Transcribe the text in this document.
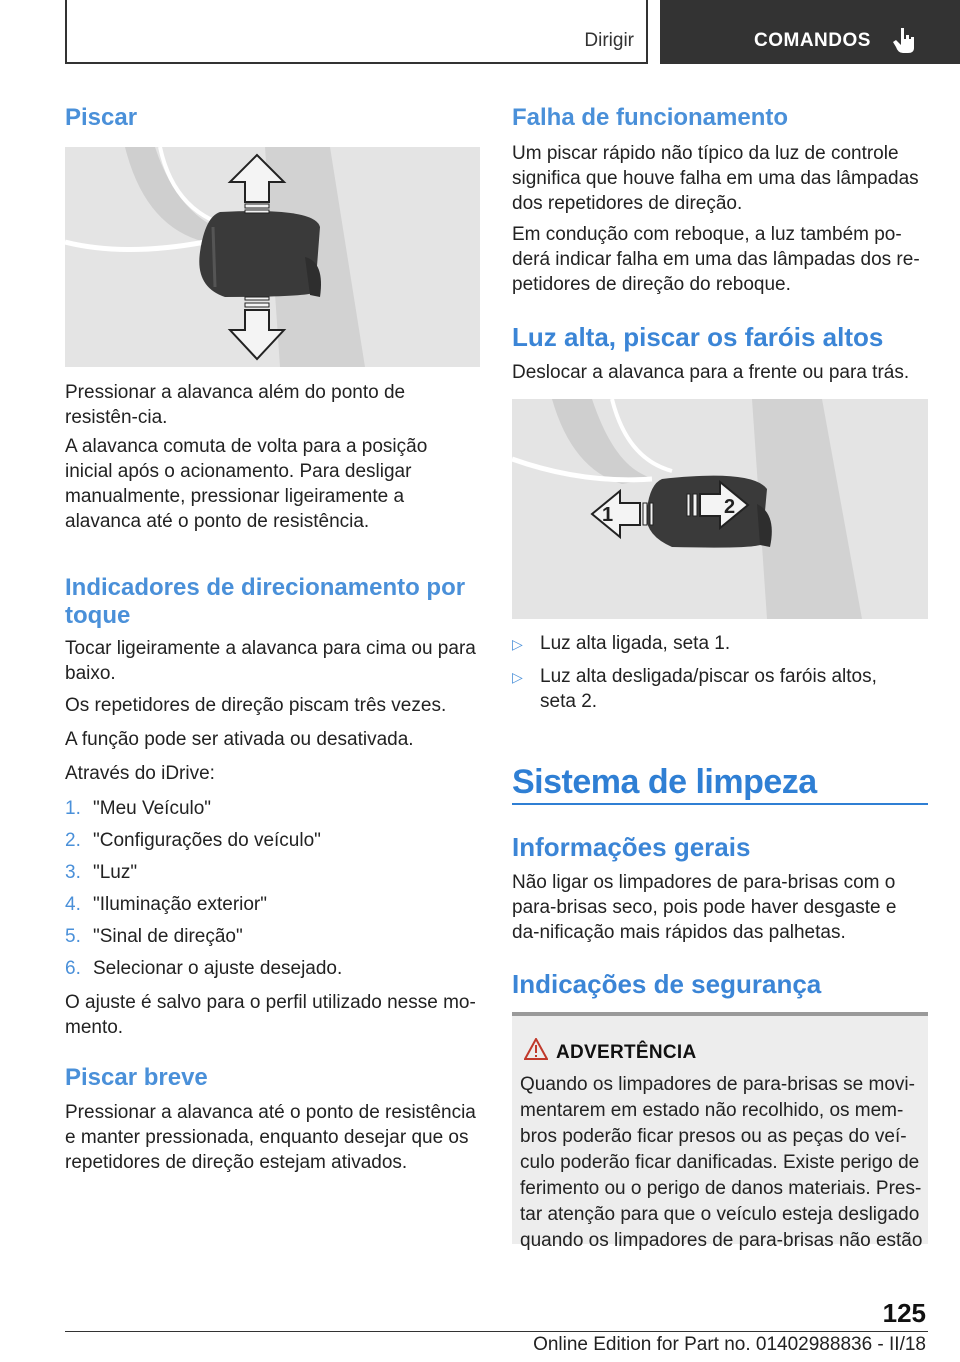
Dirigir	COMANDOS
Piscar

Pressionar a alavanca além do ponto de resistên-cia.

A alavanca comuta de volta para a posição inicial após o acionamento. Para desligar manualmente, pressionar ligeiramente a alavanca até o ponto de resistência.

Indicadores de direcionamento por toque

Tocar ligeiramente a alavanca para cima ou para baixo.

Os repetidores de direção piscam três vezes.

A função pode ser ativada ou desativada.

Através do iDrive:

1. "Meu Veículo"
2. "Configurações do veículo"
3. "Luz"
4. "Iluminação exterior"
5. "Sinal de direção"
6. Selecionar o ajuste desejado.

O ajuste é salvo para o perfil utilizado nesse mo-mento.

Piscar breve

Pressionar a alavanca até o ponto de resistência e manter pressionada, enquanto desejar que os repetidores de direção estejam ativados.

Falha de funcionamento

Um piscar rápido não típico da luz de controle significa que houve falha em uma das lâmpadas dos repetidores de direção.

Em condução com reboque, a luz também po-derá indicar falha em uma das lâmpadas dos re-petidores de direção do reboque.

Luz alta, piscar os faróis altos

Deslocar a alavanca para a frente ou para trás.

1	2
▷ Luz alta ligada, seta 1.
▷ Luz alta desligada/piscar os faróis altos, seta 2.
Sistema de limpeza
Informações gerais

Não ligar os limpadores de para-brisas com o para-brisas seco, pois pode haver desgaste e da-nificação mais rápidos das palhetas.

Indicações de segurança
ADVERTÊNCIA
Quando os limpadores de para-brisas se movi-mentarem em estado não recolhido, os mem-bros poderão ficar presos ou as peças do veí-culo poderão ficar danificadas. Existe perigo de ferimento ou o perigo de danos materiais. Pres-tar atenção para que o veículo esteja desligado quando os limpadores de para-brisas não estão
125
Online Edition for Part no. 01402988836 - II/18
